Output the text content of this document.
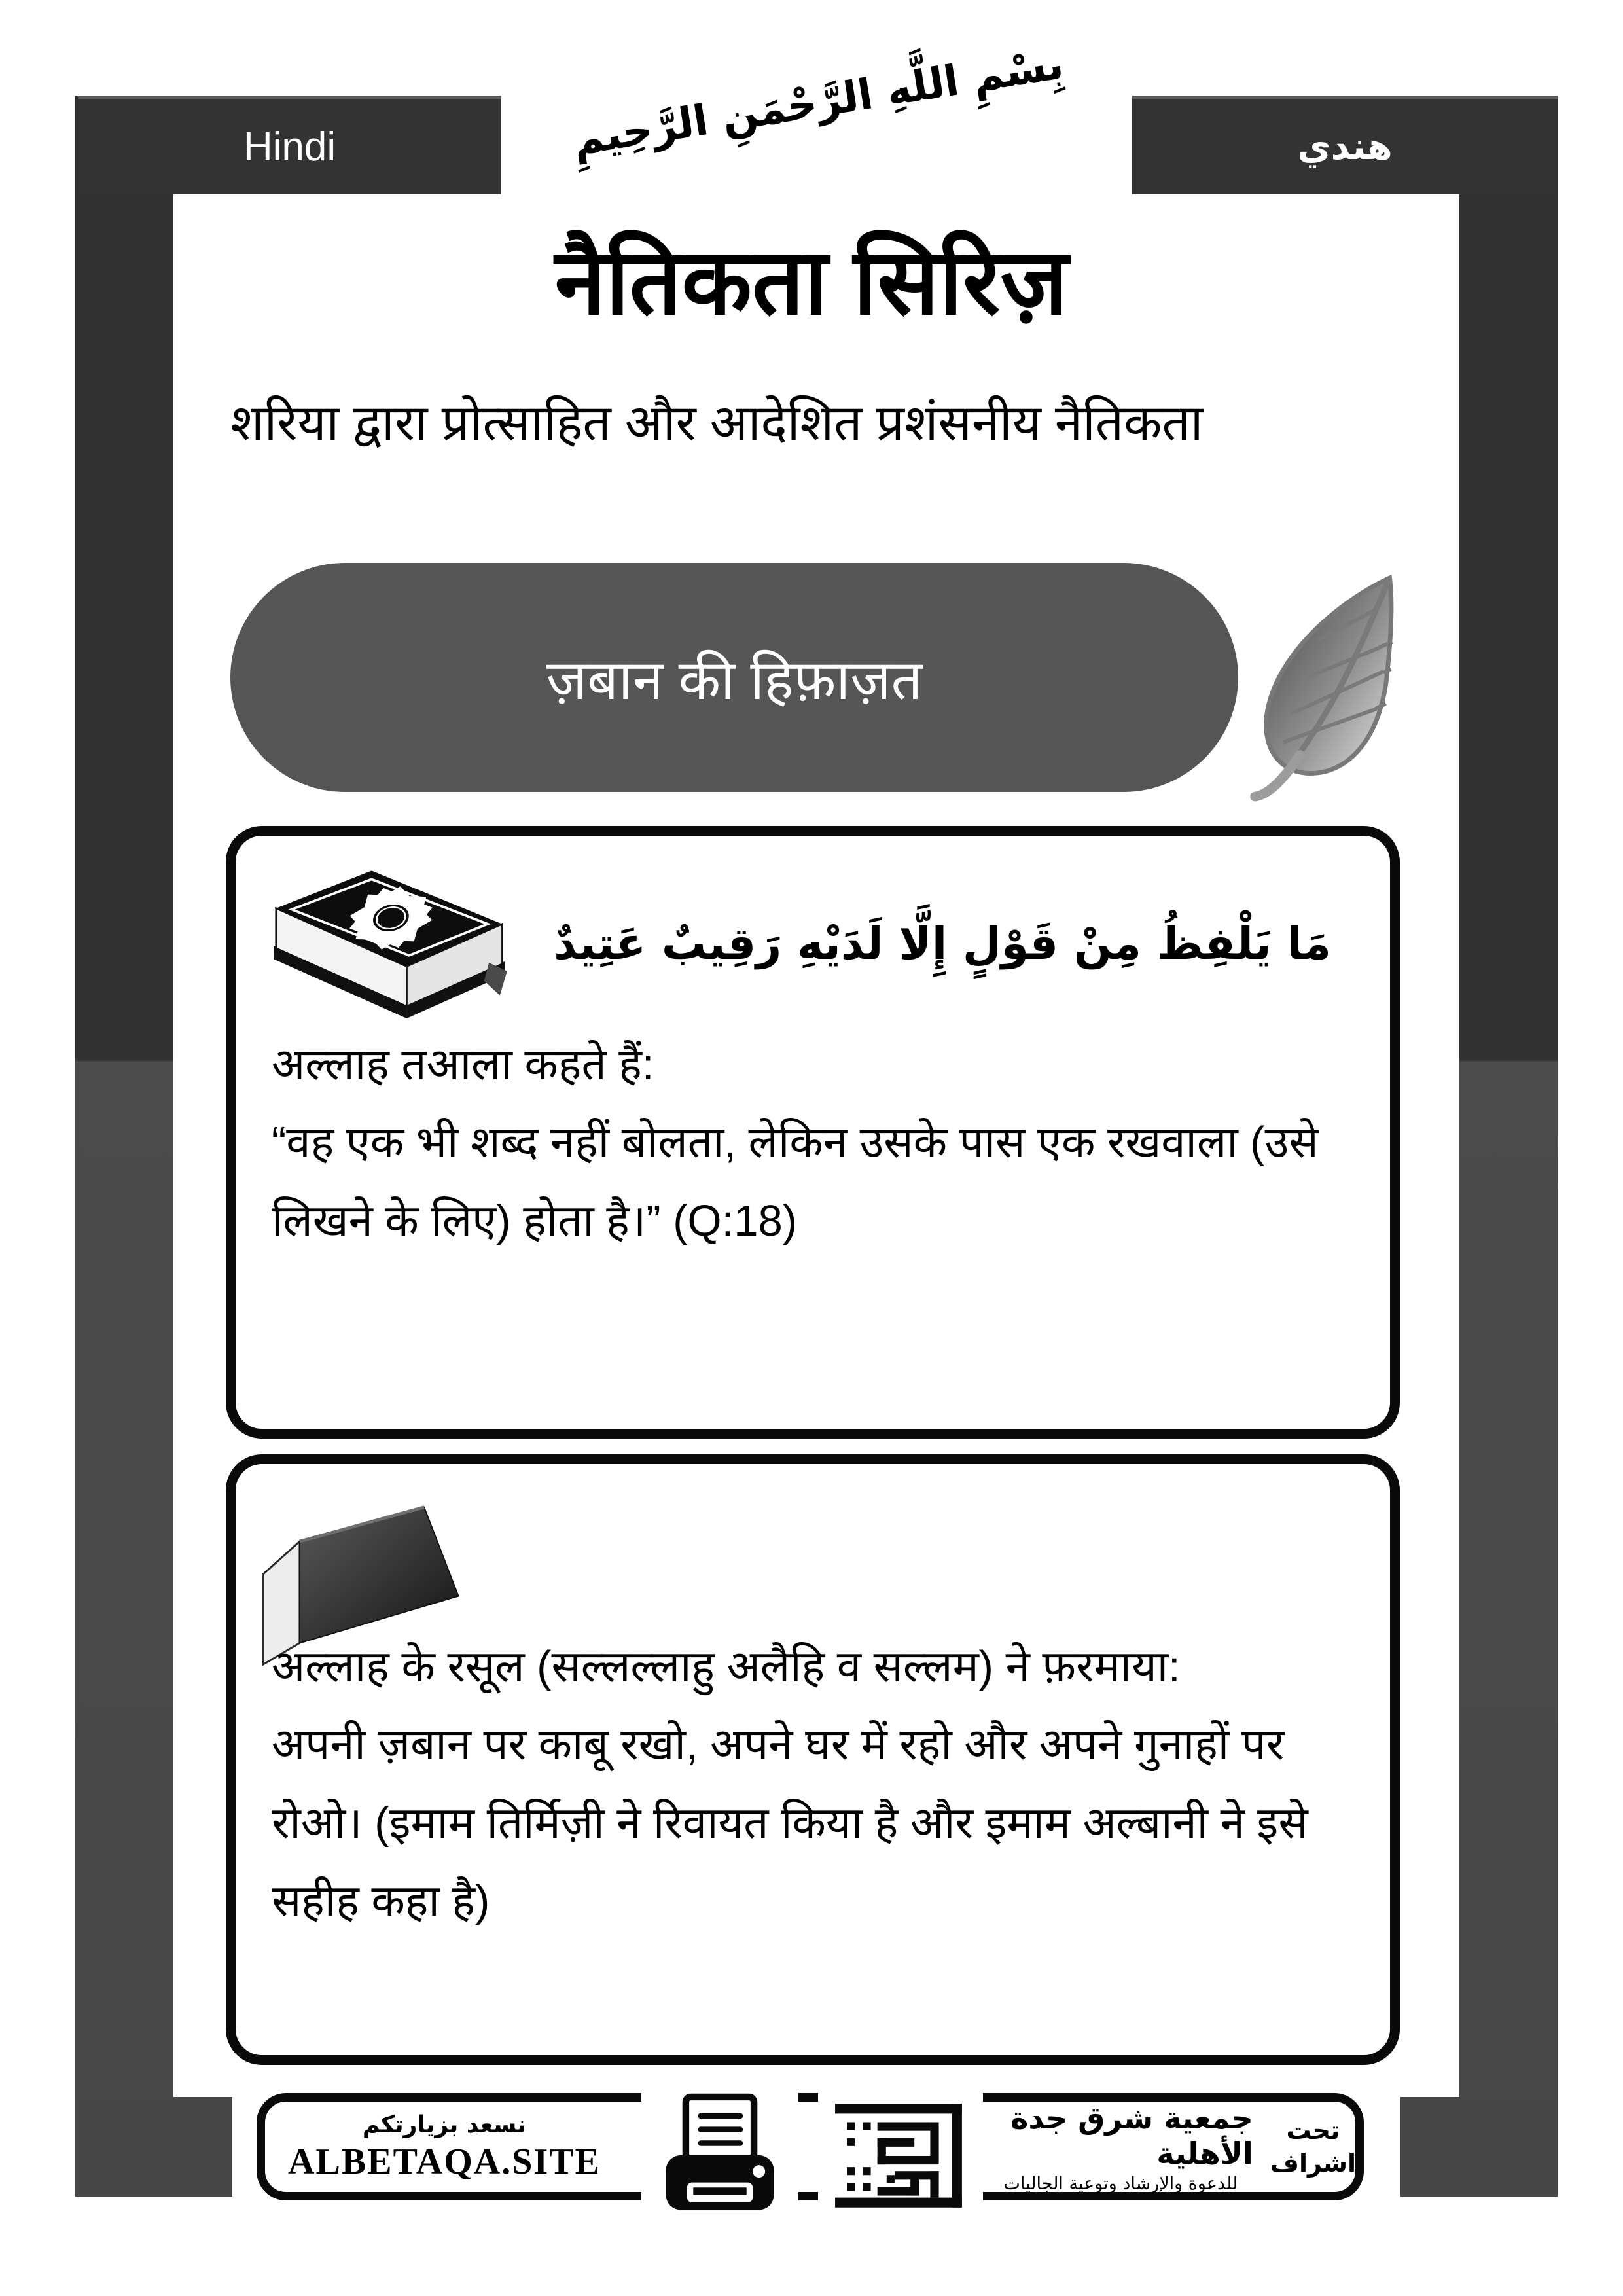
Hindi	هندي
بِسْمِ اللَّهِ الرَّحْمَنِ الرَّحِيمِ
नैतिकता सिरिज़
शरिया द्वारा प्रोत्साहित और आदेशित प्रशंसनीय नैतिकता
ज़बान की हिफ़ाज़त
مَا يَلْفِظُ مِنْ قَوْلٍ إِلَّا لَدَيْهِ رَقِيبٌ عَتِيدٌ
अल्लाह तआला कहते हैं:
“वह एक भी शब्द नहीं बोलता, लेकिन उसके पास एक रखवाला (उसे लिखने के लिए) होता है।” (Q:18)
अल्लाह के रसूल (सल्लल्लाहु अलैहि व सल्लम) ने फ़रमाया:
अपनी ज़बान पर काबू रखो, अपने घर में रहो और अपने गुनाहों पर रोओ। (इमाम तिर्मिज़ी ने रिवायत किया है और इमाम अल्बानी ने इसे सहीह कहा है)
نسعد بزيارتكم
ALBETAQA.SITE
تحت
اشراف
جمعية شرق جدة الأهلية
للدعوة والإرشاد وتوعية الجاليات
